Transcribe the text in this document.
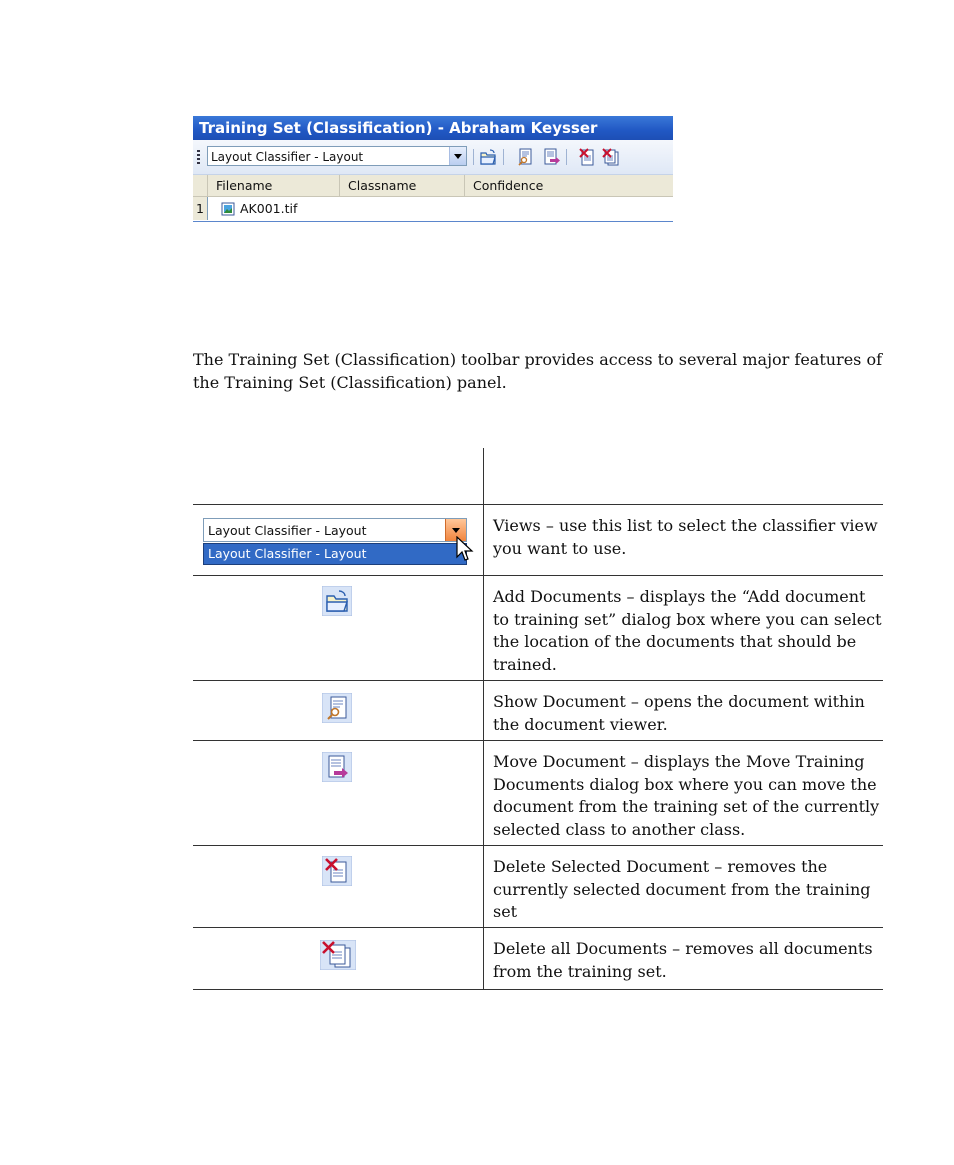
Training Set (Classification) - Abraham Keysser
Layout Classifier - Layout
Filename	Classname	Confidence
1	AK001.tif
The Training Set (Classification) toolbar provides access to several major features of the Training Set (Classification) panel.
Layout Classifier - Layout
Layout Classifier - Layout
Views – use this list to select the classifier view you want to use.
Add Documents – displays the “Add document to training set” dialog box where you can select the location of the documents that should be trained.
Show Document – opens the document within the document viewer.
Move Document – displays the Move Training Documents dialog box where you can move the document from the training set of the currently selected class to another class.
Delete Selected Document – removes the currently selected document from the training set
Delete all Documents – removes all documents from the training set.
